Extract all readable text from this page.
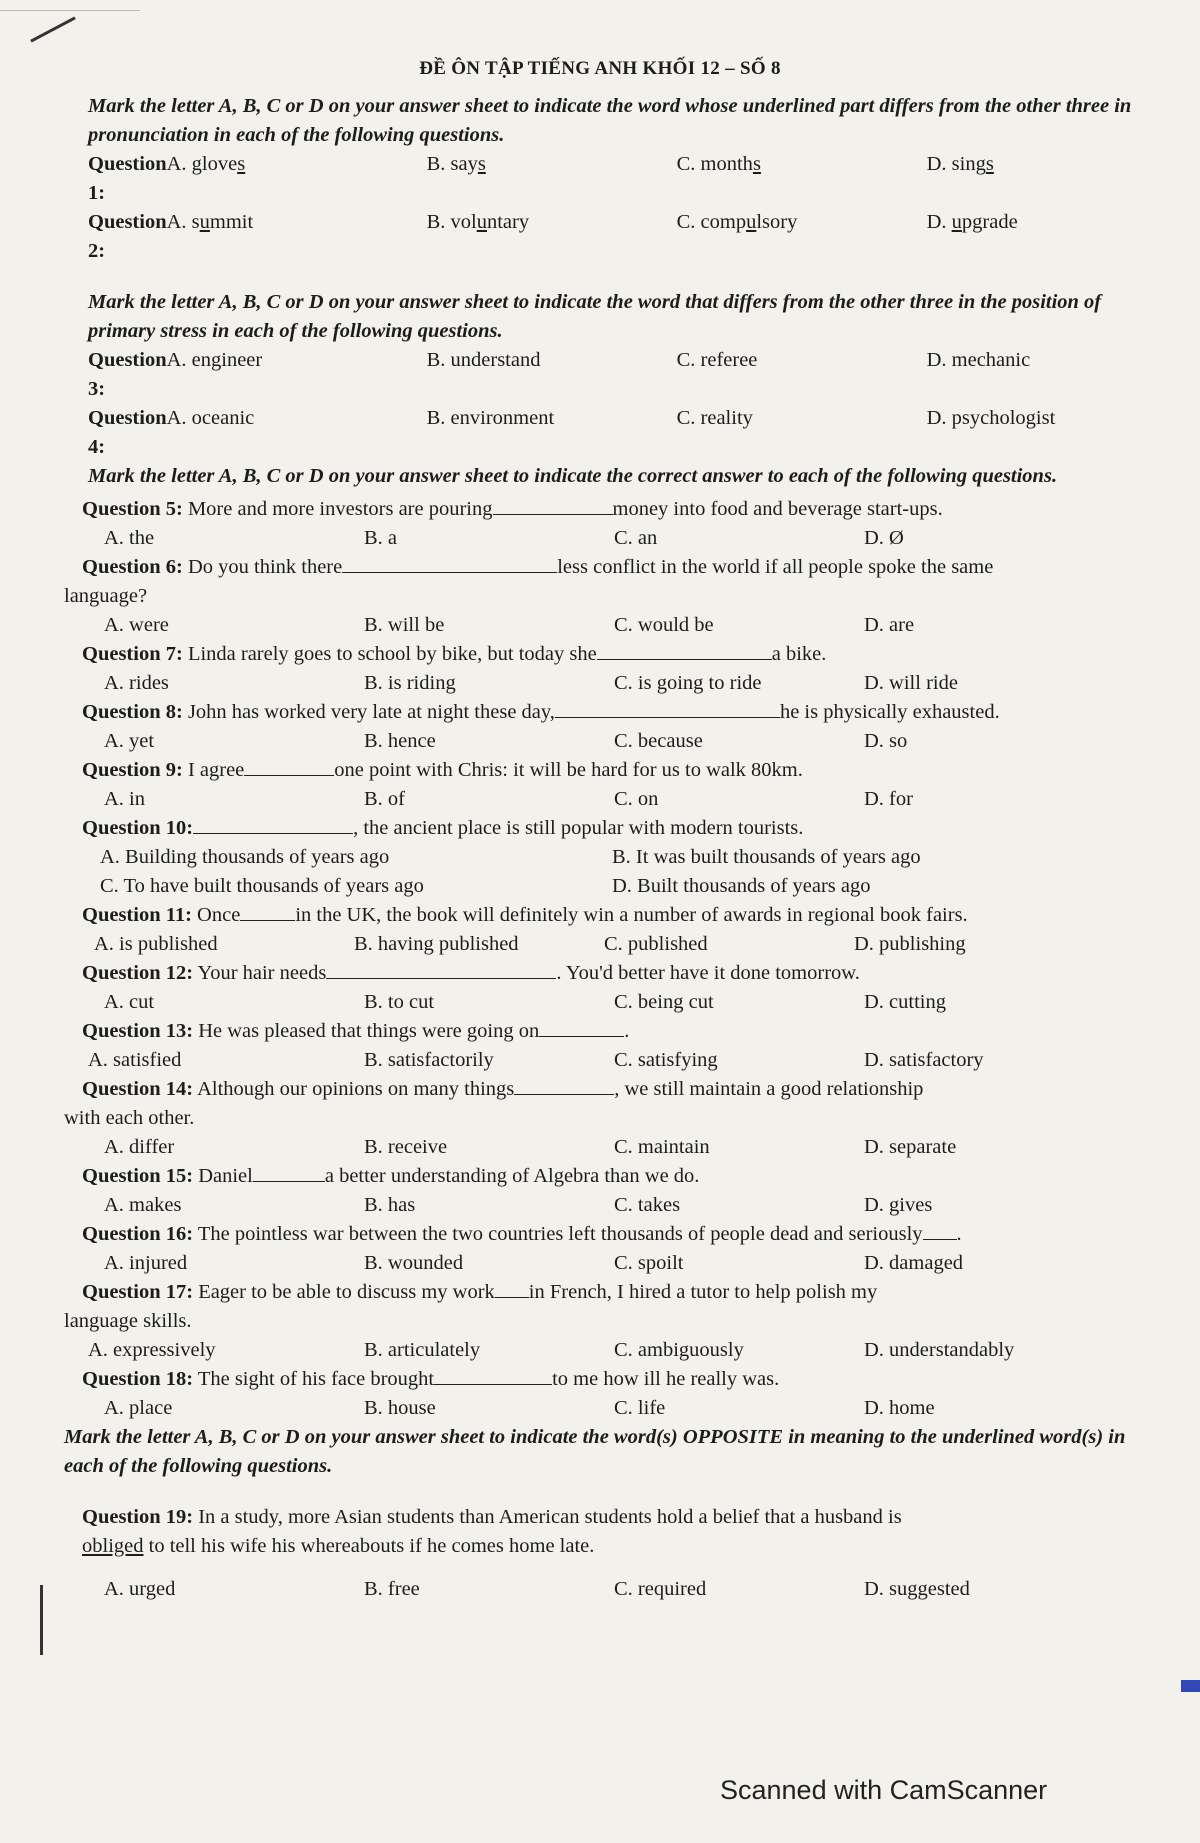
ĐỀ ÔN TẬP TIẾNG ANH KHỐI 12 – SỐ 8

Mark the letter A, B, C or D on your answer sheet to indicate the word whose underlined part differs from the other three in pronunciation in each of the following questions.

Question 1:
A. gloves	B. says	C. months	D. sings
Question 2:
A. summit	B. voluntary	C. compulsory	D. upgrade

Mark the letter A, B, C or D on your answer sheet to indicate the word that differs from the other three in the position of primary stress in each of the following questions.

Question 3:
A. engineer	B. understand	C. referee	D. mechanic
Question 4:
A. oceanic	B. environment	C. reality	D. psychologist

Mark the letter A, B, C or D on your answer sheet to indicate the correct answer to each of the following questions.

Question 5: More and more investors are pouring	money into food and beverage start-ups.
A. the	B. a	C. an	D. Ø
Question 6: Do you think there	less conflict in the world if all people spoke the same
language?
A. were	B. will be	C. would be	D. are
Question 7: Linda rarely goes to school by bike, but today she	a bike.
A. rides	B. is riding	C. is going to ride	D. will ride
Question 8: John has worked very late at night these day,	he is physically exhausted.
A. yet	B. hence	C. because	D. so
Question 9: I agree	one point with Chris: it will be hard for us to walk 80km.
A. in	B. of	C. on	D. for
Question 10:	, the ancient place is still popular with modern tourists.
A. Building thousands of years ago	B. It was built thousands of years ago
C. To have built thousands of years ago	D. Built thousands of years ago
Question 11: Once	in the UK, the book will definitely win a number of awards in regional book fairs.
A. is published	B. having published	C. published	D. publishing
Question 12: Your hair needs	. You'd better have it done tomorrow.
A. cut	B. to cut	C. being cut	D. cutting
Question 13: He was pleased that things were going on	.
A. satisfied	B. satisfactorily	C. satisfying	D. satisfactory
Question 14: Although our opinions on many things	, we still maintain a good relationship
with each other.
A. differ	B. receive	C. maintain	D. separate
Question 15: Daniel	a better understanding of Algebra than we do.
A. makes	B. has	C. takes	D. gives
Question 16: The pointless war between the two countries left thousands of people dead and seriously .
A. injured	B. wounded	C. spoilt	D. damaged
Question 17: Eager to be able to discuss my work in French, I hired a tutor to help polish my
language skills.
A. expressively	B. articulately	C. ambiguously	D. understandably
Question 18: The sight of his face brought	to me how ill he really was.
A. place	B. house	C. life	D. home

Mark the letter A, B, C or D on your answer sheet to indicate the word(s) OPPOSITE in meaning to the underlined word(s) in each of the following questions.

Question 19: In a study, more Asian students than American students hold a belief that a husband is
obliged to tell his wife his whereabouts if he comes home late.
A. urged	B. free	C. required	D. suggested
Scanned with CamScanner
